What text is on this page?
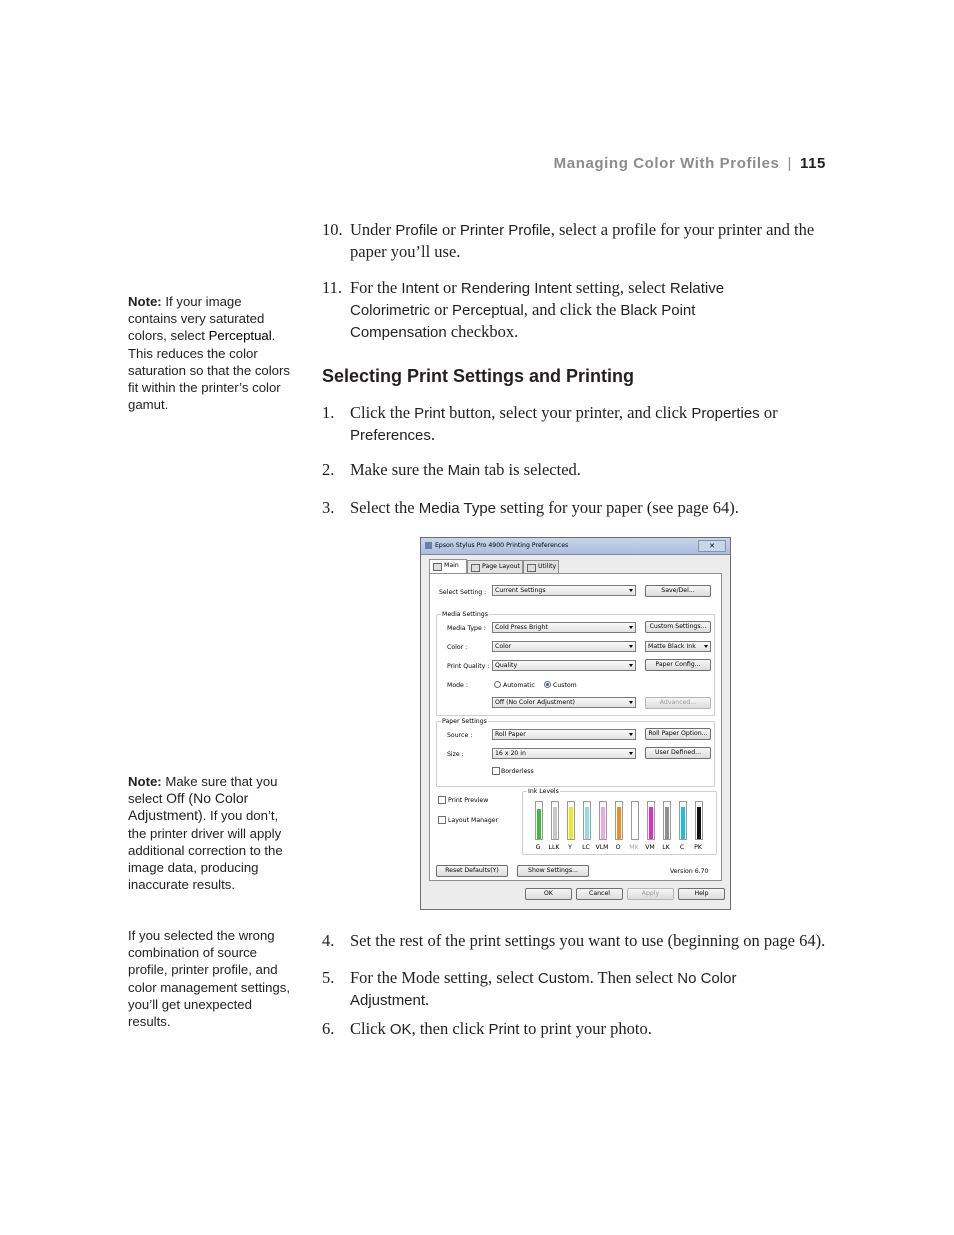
Managing Color With Profiles | 115
10. Under Profile or Printer Profile, select a profile for your printer and the paper you’ll use.
11. For the Intent or Rendering Intent setting, select Relative Colorimetric or Perceptual, and click the Black Point Compensation checkbox.
Selecting Print Settings and Printing
1. Click the Print button, select your printer, and click Properties or Preferences.
2. Make sure the Main tab is selected.
3. Select the Media Type setting for your paper (see page 64).
4. Set the rest of the print settings you want to use (beginning on page 64).
5. For the Mode setting, select Custom. Then select No Color Adjustment.
6. Click OK, then click Print to print your photo.
Note: If your image contains very saturated colors, select Perceptual. This reduces the color saturation so that the colors fit within the printer’s color gamut.
Note: Make sure that you select Off (No Color Adjustment). If you don’t, the printer driver will apply additional correction to the image data, producing inaccurate results.
If you selected the wrong combination of source profile, printer profile, and color management settings, you’ll get unexpected results.
Epson Stylus Pro 4900 Printing Preferences	✕
Main	Page Layout	Utility
Select Setting :	Current Settings	Save/Del...
Media Settings
Media Type :	Cold Press Bright	Custom Settings...
Color :	Color	Matte Black Ink
Print Quality : Quality	Paper Config...
Mode :	Automatic	Custom
Off (No Color Adjustment)	Advanced...
Paper Settings
Source :	Roll Paper	Roll Paper Option...
Size :	16 x 20 in	User Defined...
Borderless
Print Preview
Layout Manager
Ink Levels
G	LLK	Y	LC VLM	O	MK	VM	LK	C	PK
Reset Defaults(Y)	Show Settings...	Version 6.70
OK	Cancel	Apply	Help
